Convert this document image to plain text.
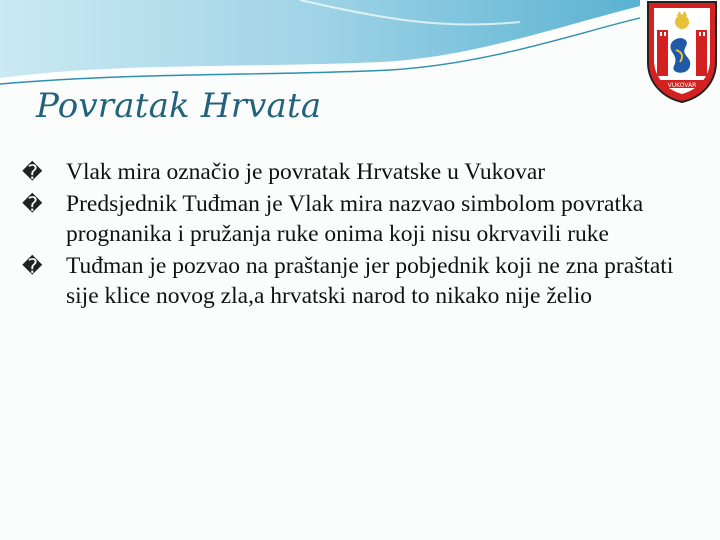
VUKOVAR
Povratak Hrvata
� Vlak mira označio je povratak Hrvatske u Vukovar
� Predsjednik Tuđman je Vlak mira nazvao simbolom povratka prognanika i pružanja ruke onima koji nisu okrvavili ruke
� Tuđman je pozvao na praštanje jer pobjednik koji ne zna praštati sije klice novog zla,a hrvatski narod to nikako nije želio
